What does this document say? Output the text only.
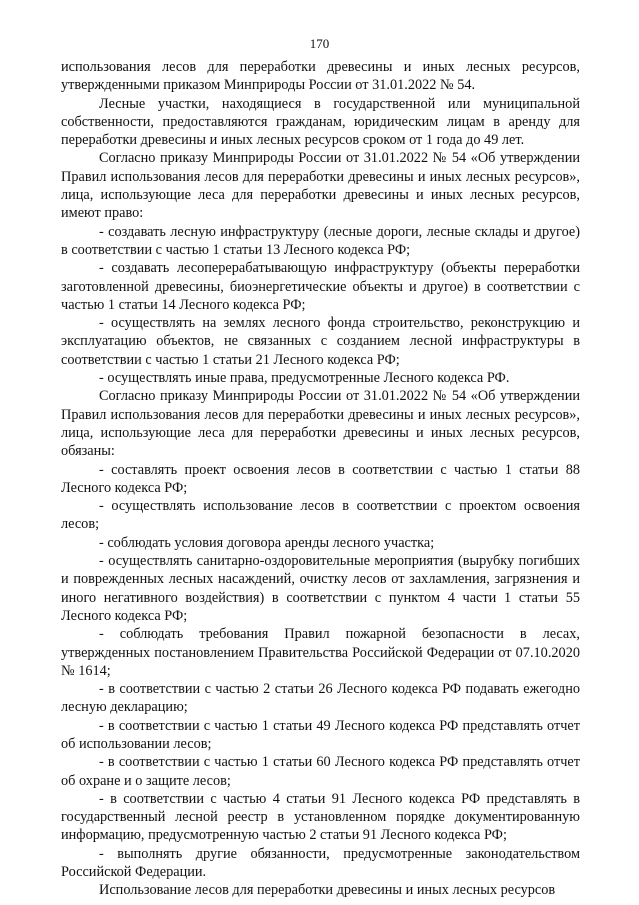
170

использования лесов для переработки древесины и иных лесных ресурсов, утвержденными приказом Минприроды России от 31.01.2022 № 54.

Лесные участки, находящиеся в государственной или муниципальной собственности, предоставляются гражданам, юридическим лицам в аренду для переработки древесины и иных лесных ресурсов сроком от 1 года до 49 лет.

Согласно приказу Минприроды России от 31.01.2022 № 54 «Об утверждении Правил использования лесов для переработки древесины и иных лесных ресурсов», лица, использующие леса для переработки древесины и иных лесных ресурсов, имеют право:

- создавать лесную инфраструктуру (лесные дороги, лесные склады и другое) в соответствии с частью 1 статьи 13 Лесного кодекса РФ;

- создавать лесоперерабатывающую инфраструктуру (объекты переработки заготовленной древесины, биоэнергетические объекты и другое) в соответствии с частью 1 статьи 14 Лесного кодекса РФ;

- осуществлять на землях лесного фонда строительство, реконструкцию и эксплуатацию объектов, не связанных с созданием лесной инфраструктуры в соответствии с частью 1 статьи 21 Лесного кодекса РФ;

- осуществлять иные права, предусмотренные Лесного кодекса РФ.

Согласно приказу Минприроды России от 31.01.2022 № 54 «Об утверждении Правил использования лесов для переработки древесины и иных лесных ресурсов», лица, использующие леса для переработки древесины и иных лесных ресурсов, обязаны:

- составлять проект освоения лесов в соответствии с частью 1 статьи 88 Лесного кодекса РФ;

- осуществлять использование лесов в соответствии с проектом освоения лесов;

- соблюдать условия договора аренды лесного участка;

- осуществлять санитарно-оздоровительные мероприятия (вырубку погибших и поврежденных лесных насаждений, очистку лесов от захламления, загрязнения и иного негативного воздействия) в соответствии с пунктом 4 части 1 статьи 55 Лесного кодекса РФ;

- соблюдать требования Правил пожарной безопасности в лесах, утвержденных постановлением Правительства Российской Федерации от 07.10.2020 № 1614;

- в соответствии с частью 2 статьи 26 Лесного кодекса РФ подавать ежегодно лесную декларацию;

- в соответствии с частью 1 статьи 49 Лесного кодекса РФ представлять отчет об использовании лесов;

- в соответствии с частью 1 статьи 60 Лесного кодекса РФ представлять отчет об охране и о защите лесов;

- в соответствии с частью 4 статьи 91 Лесного кодекса РФ представлять в государственный лесной реестр в установленном порядке документированную информацию, предусмотренную частью 2 статьи 91 Лесного кодекса РФ;

- выполнять другие обязанности, предусмотренные законодательством Российской Федерации.

Использование лесов для переработки древесины и иных лесных ресурсов
